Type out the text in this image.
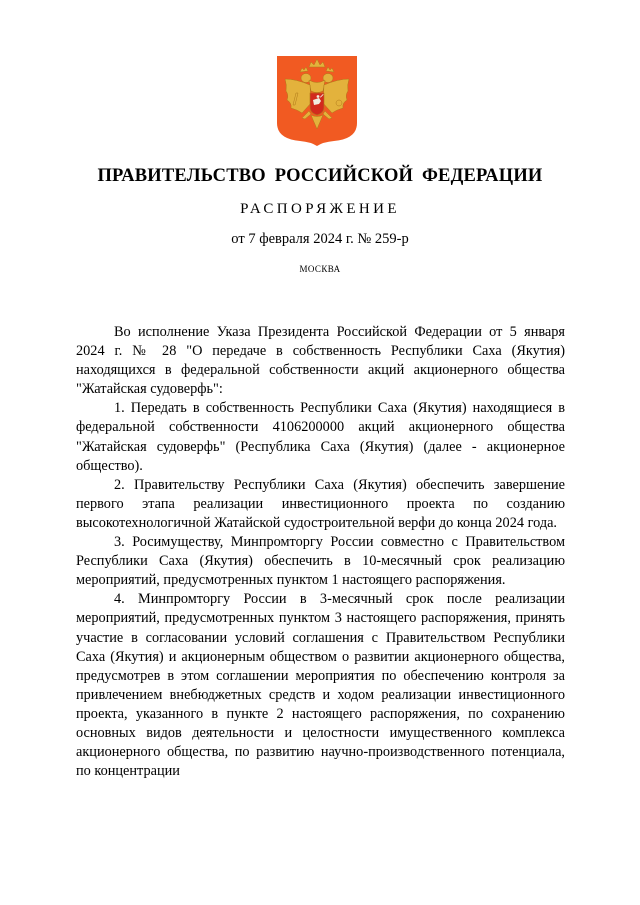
ПРАВИТЕЛЬСТВО РОССИЙСКОЙ ФЕДЕРАЦИИ
РАСПОРЯЖЕНИЕ
от 7 февраля 2024 г. № 259-р
МОСКВА

Во исполнение Указа Президента Российской Федерации от 5 января 2024 г. № 28 "О передаче в собственность Республики Саха (Якутия) находящихся в федеральной собственности акций акционерного общества "Жатайская судоверфь":

1. Передать в собственность Республики Саха (Якутия) находящиеся в федеральной собственности 4106200000 акций акционерного общества "Жатайская судоверфь" (Республика Саха (Якутия) (далее - акционерное общество).

2. Правительству Республики Саха (Якутия) обеспечить завершение первого этапа реализации инвестиционного проекта по созданию высокотехнологичной Жатайской судостроительной верфи до конца 2024 года.

3. Росимуществу, Минпромторгу России совместно с Правительством Республики Саха (Якутия) обеспечить в 10-месячный срок реализацию мероприятий, предусмотренных пунктом 1 настоящего распоряжения.

4. Минпромторгу России в 3-месячный срок после реализации мероприятий, предусмотренных пунктом 3 настоящего распоряжения, принять участие в согласовании условий соглашения с Правительством Республики Саха (Якутия) и акционерным обществом о развитии акционерного общества, предусмотрев в этом соглашении мероприятия по обеспечению контроля за привлечением внебюджетных средств и ходом реализации инвестиционного проекта, указанного в пункте 2 настоящего распоряжения, по сохранению основных видов деятельности и целостности имущественного комплекса акционерного общества, по развитию научно-производственного потенциала, по концентрации
